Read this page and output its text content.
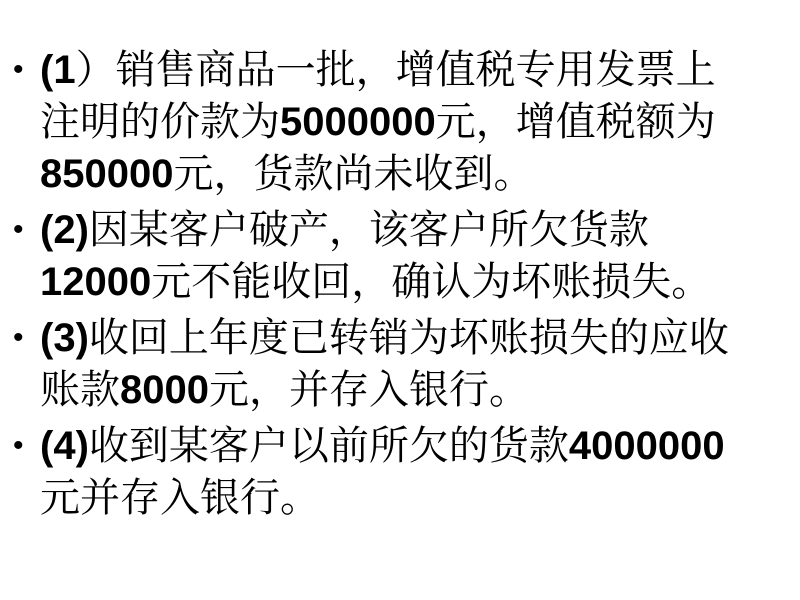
• (1）销售商品一批，增值税专用发票上
注明的价款为5000000元，增值税额为
850000元，货款尚未收到。
• (2)因某客户破产，该客户所欠货款
12000元不能收回，确认为坏账损失。
• (3)收回上年度已转销为坏账损失的应收
账款8000元，并存入银行。
• (4)收到某客户以前所欠的货款4000000
元并存入银行。
